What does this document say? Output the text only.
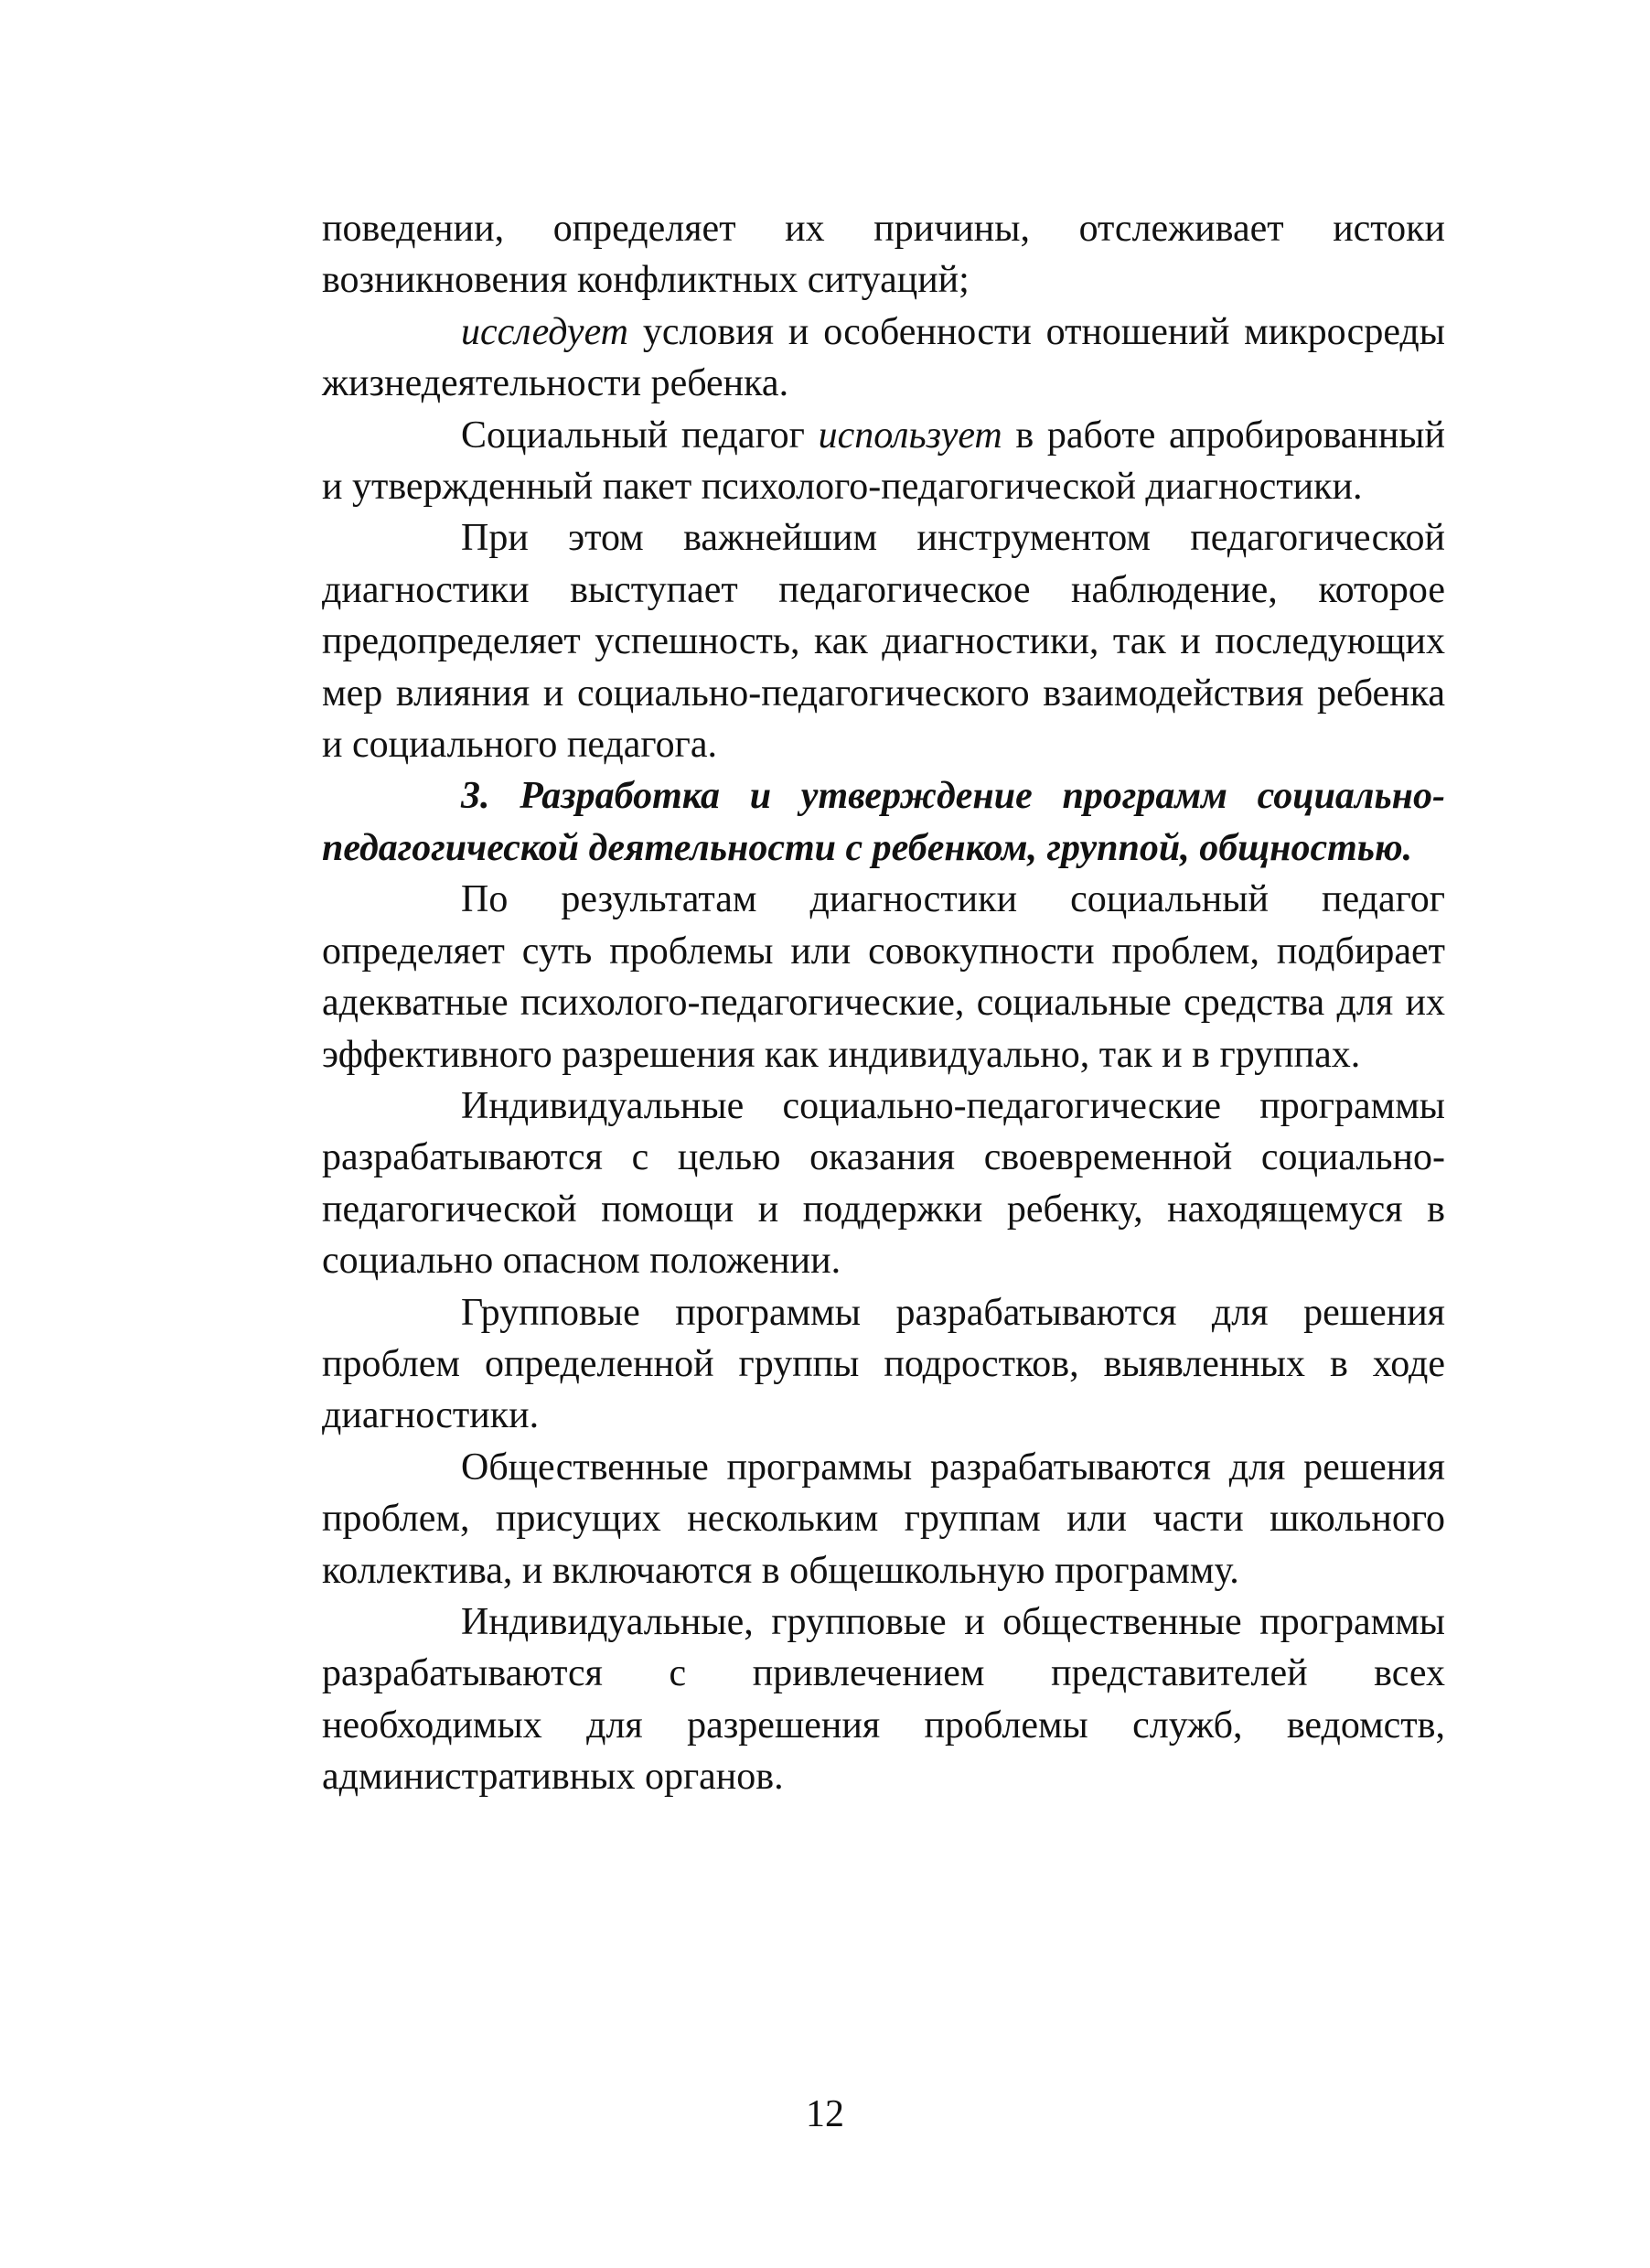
поведении, определяет их причины, отслеживает истоки возникновения конфликтных ситуаций;

исследует условия и особенности отношений микросреды жизнедеятельности ребенка.

Социальный педагог использует в работе апробированный и утвержденный пакет психолого-педагогической диагностики.

При этом важнейшим инструментом педагогической диагностики выступает педагогическое наблюдение, которое предопределяет успешность, как диагностики, так и последующих мер влияния и социально-педагогического взаимодействия ребенка и социального педагога.

3. Разработка и утверждение программ социально-педагогической деятельности с ребенком, группой, общностью.

По результатам диагностики социальный педагог определяет суть проблемы или совокупности проблем, подбирает адекватные психолого-педагогические, социальные средства для их эффективного разрешения как индивидуально, так и в группах.

Индивидуальные социально-педагогические программы разрабатываются с целью оказания своевременной социально-педагогической помощи и поддержки ребенку, находящемуся в социально опасном положении.

Групповые программы разрабатываются для решения проблем определенной группы подростков, выявленных в ходе диагностики.

Общественные программы разрабатываются для решения проблем, присущих нескольким группам или части школьного коллектива, и включаются в общешкольную программу.

Индивидуальные, групповые и общественные программы разрабатываются с привлечением представителей всех необходимых для разрешения проблемы служб, ведомств, административных органов.

12
